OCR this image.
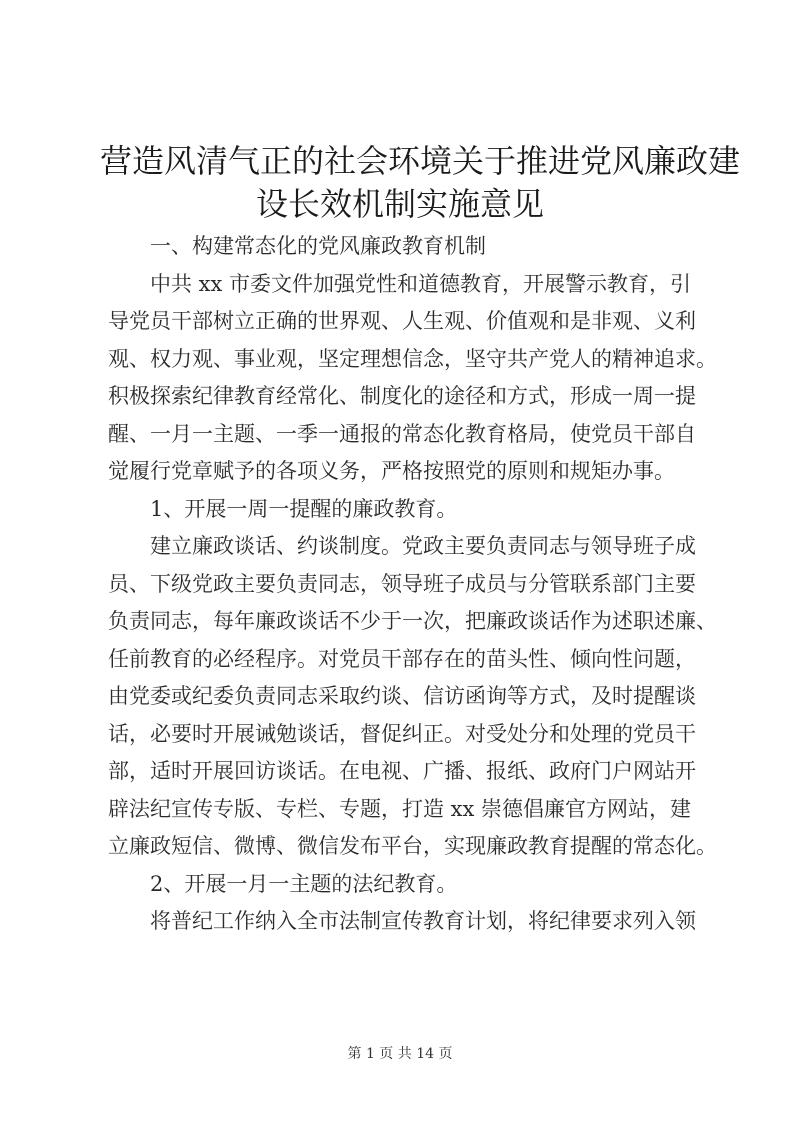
营造风清气正的社会环境关于推进党风廉政建
设长效机制实施意见
一、构建常态化的党风廉政教育机制
中共 xx 市委文件加强党性和道德教育，开展警示教育，引
导党员干部树立正确的世界观、人生观、价值观和是非观、义利
观、权力观、事业观，坚定理想信念，坚守共产党人的精神追求。
积极探索纪律教育经常化、制度化的途径和方式，形成一周一提
醒、一月一主题、一季一通报的常态化教育格局，使党员干部自
觉履行党章赋予的各项义务，严格按照党的原则和规矩办事。
1、开展一周一提醒的廉政教育。
建立廉政谈话、约谈制度。党政主要负责同志与领导班子成
员、下级党政主要负责同志，领导班子成员与分管联系部门主要
负责同志，每年廉政谈话不少于一次，把廉政谈话作为述职述廉、
任前教育的必经程序。对党员干部存在的苗头性、倾向性问题，
由党委或纪委负责同志采取约谈、信访函询等方式，及时提醒谈
话，必要时开展诫勉谈话，督促纠正。对受处分和处理的党员干
部，适时开展回访谈话。在电视、广播、报纸、政府门户网站开
辟法纪宣传专版、专栏、专题，打造 xx 崇德倡廉官方网站，建
立廉政短信、微博、微信发布平台，实现廉政教育提醒的常态化。
2、开展一月一主题的法纪教育。
将普纪工作纳入全市法制宣传教育计划，将纪律要求列入领
第 1 页 共 14 页
